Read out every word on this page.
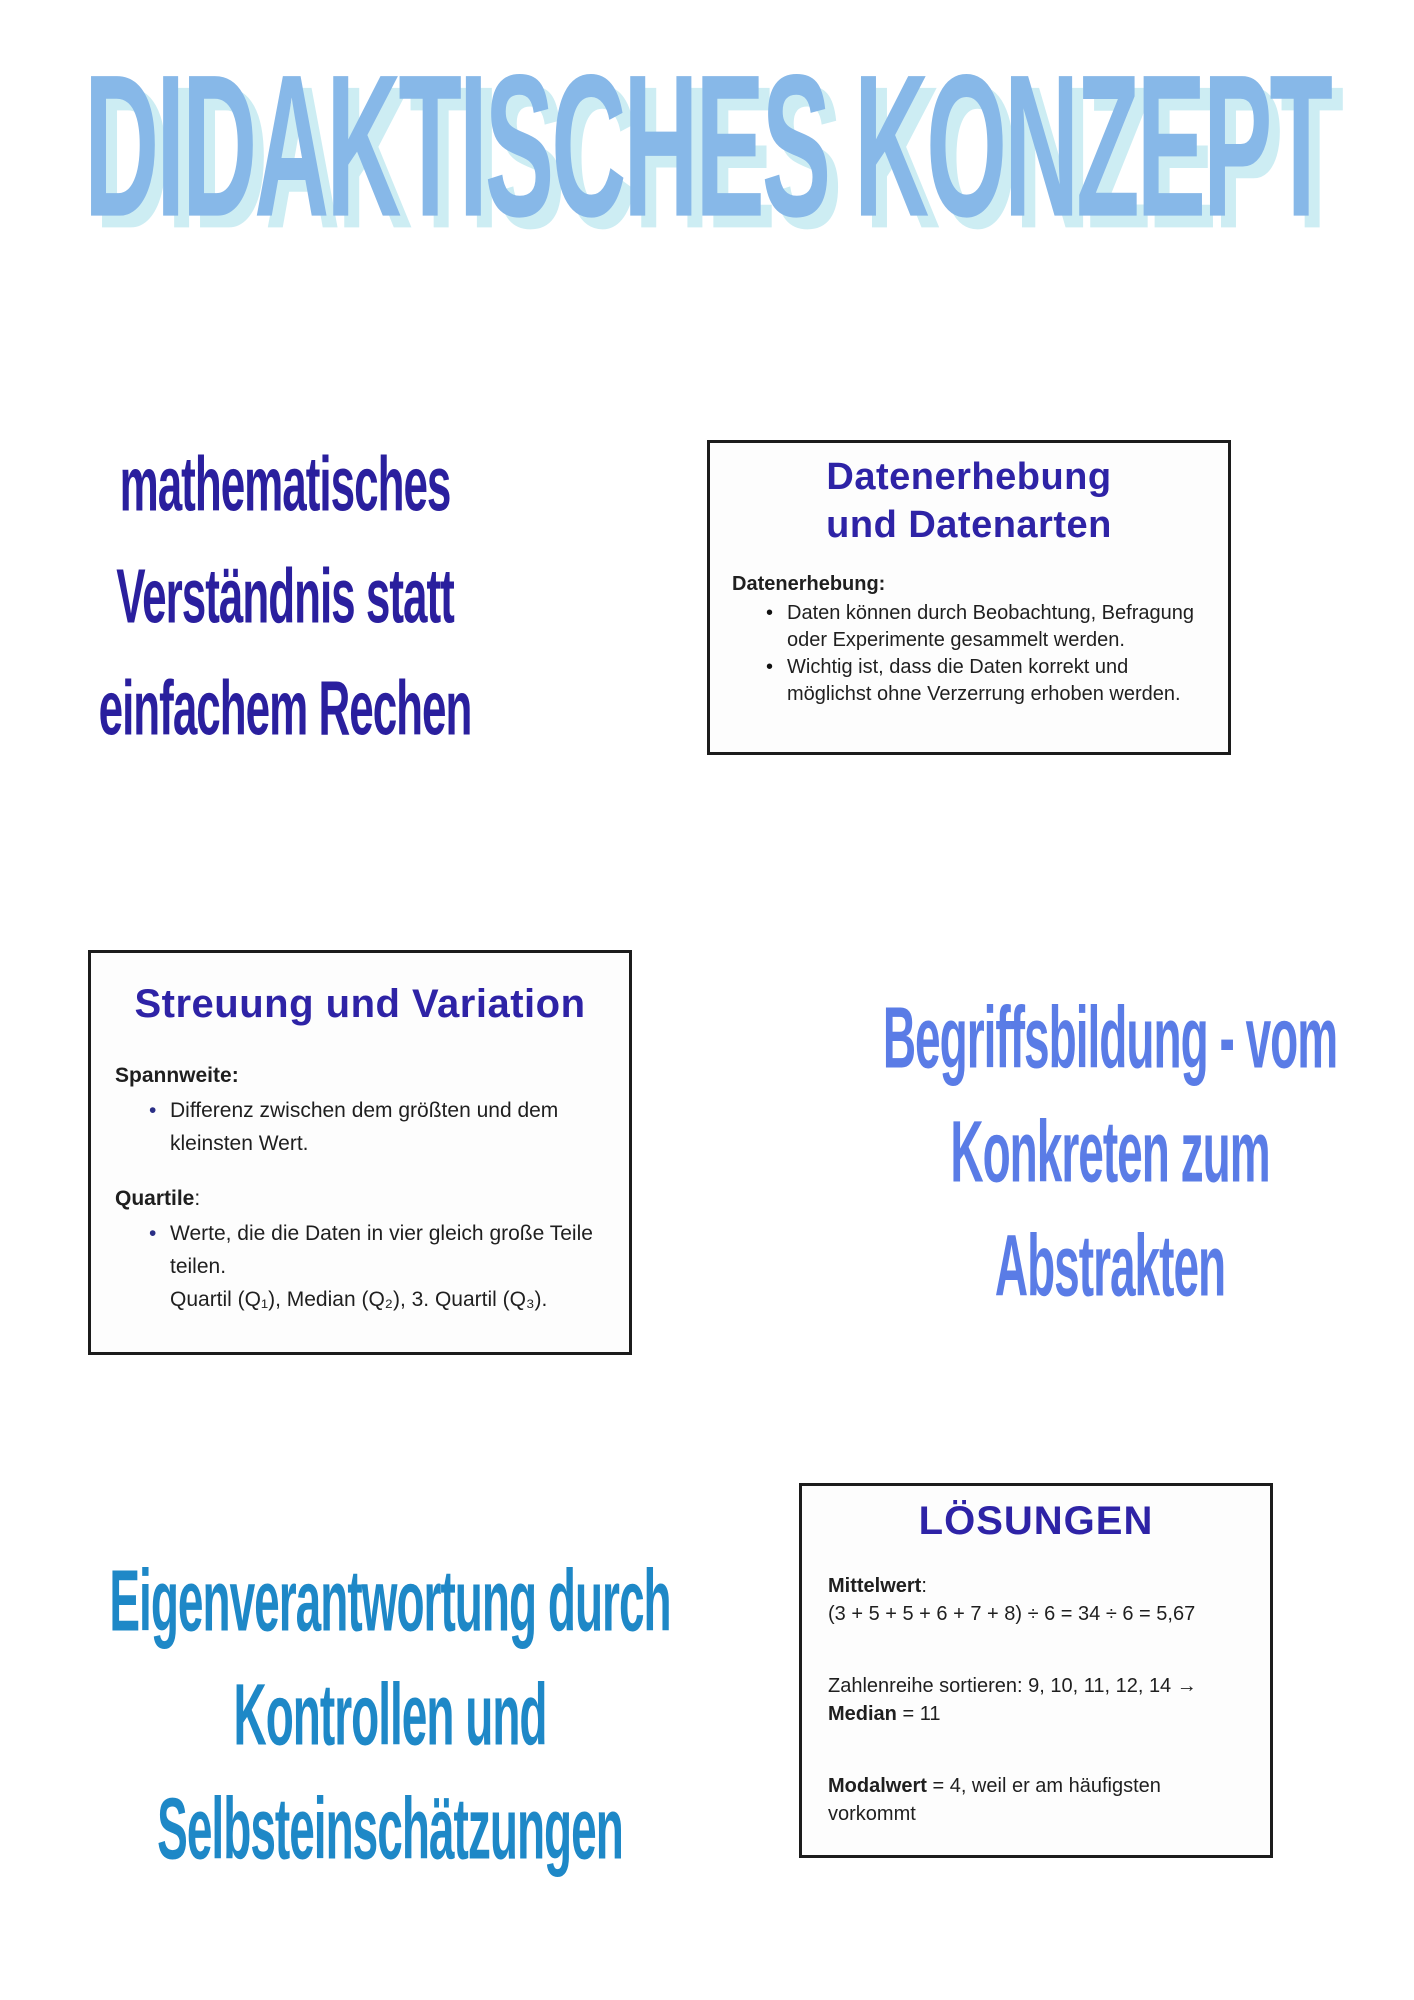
DIDAKTISCHES KONZEPT
mathematisches
Verständnis statt
einfachem Rechen
Datenerhebung
und Datenarten
Datenerhebung:
• Daten können durch Beobachtung, Befragung oder Experimente gesammelt werden.
• Wichtig ist, dass die Daten korrekt und möglichst ohne Verzerrung erhoben werden.
Streuung und Variation
Spannweite:
• Differenz zwischen dem größten und dem kleinsten Wert.
Quartile:
• Werte, die die Daten in vier gleich große Teile teilen.
Quartil (Q₁), Median (Q₂), 3. Quartil (Q₃).
Begriffsbildung - vom
Konkreten zum
Abstrakten
Eigenverantwortung durch
Kontrollen und
Selbsteinschätzungen
LÖSUNGEN
Mittelwert:
(3 + 5 + 5 + 6 + 7 + 8) ÷ 6 = 34 ÷ 6 = 5,67
Zahlenreihe sortieren: 9, 10, 11, 12, 14 → Median = 11
Modalwert = 4, weil er am häufigsten vorkommt
